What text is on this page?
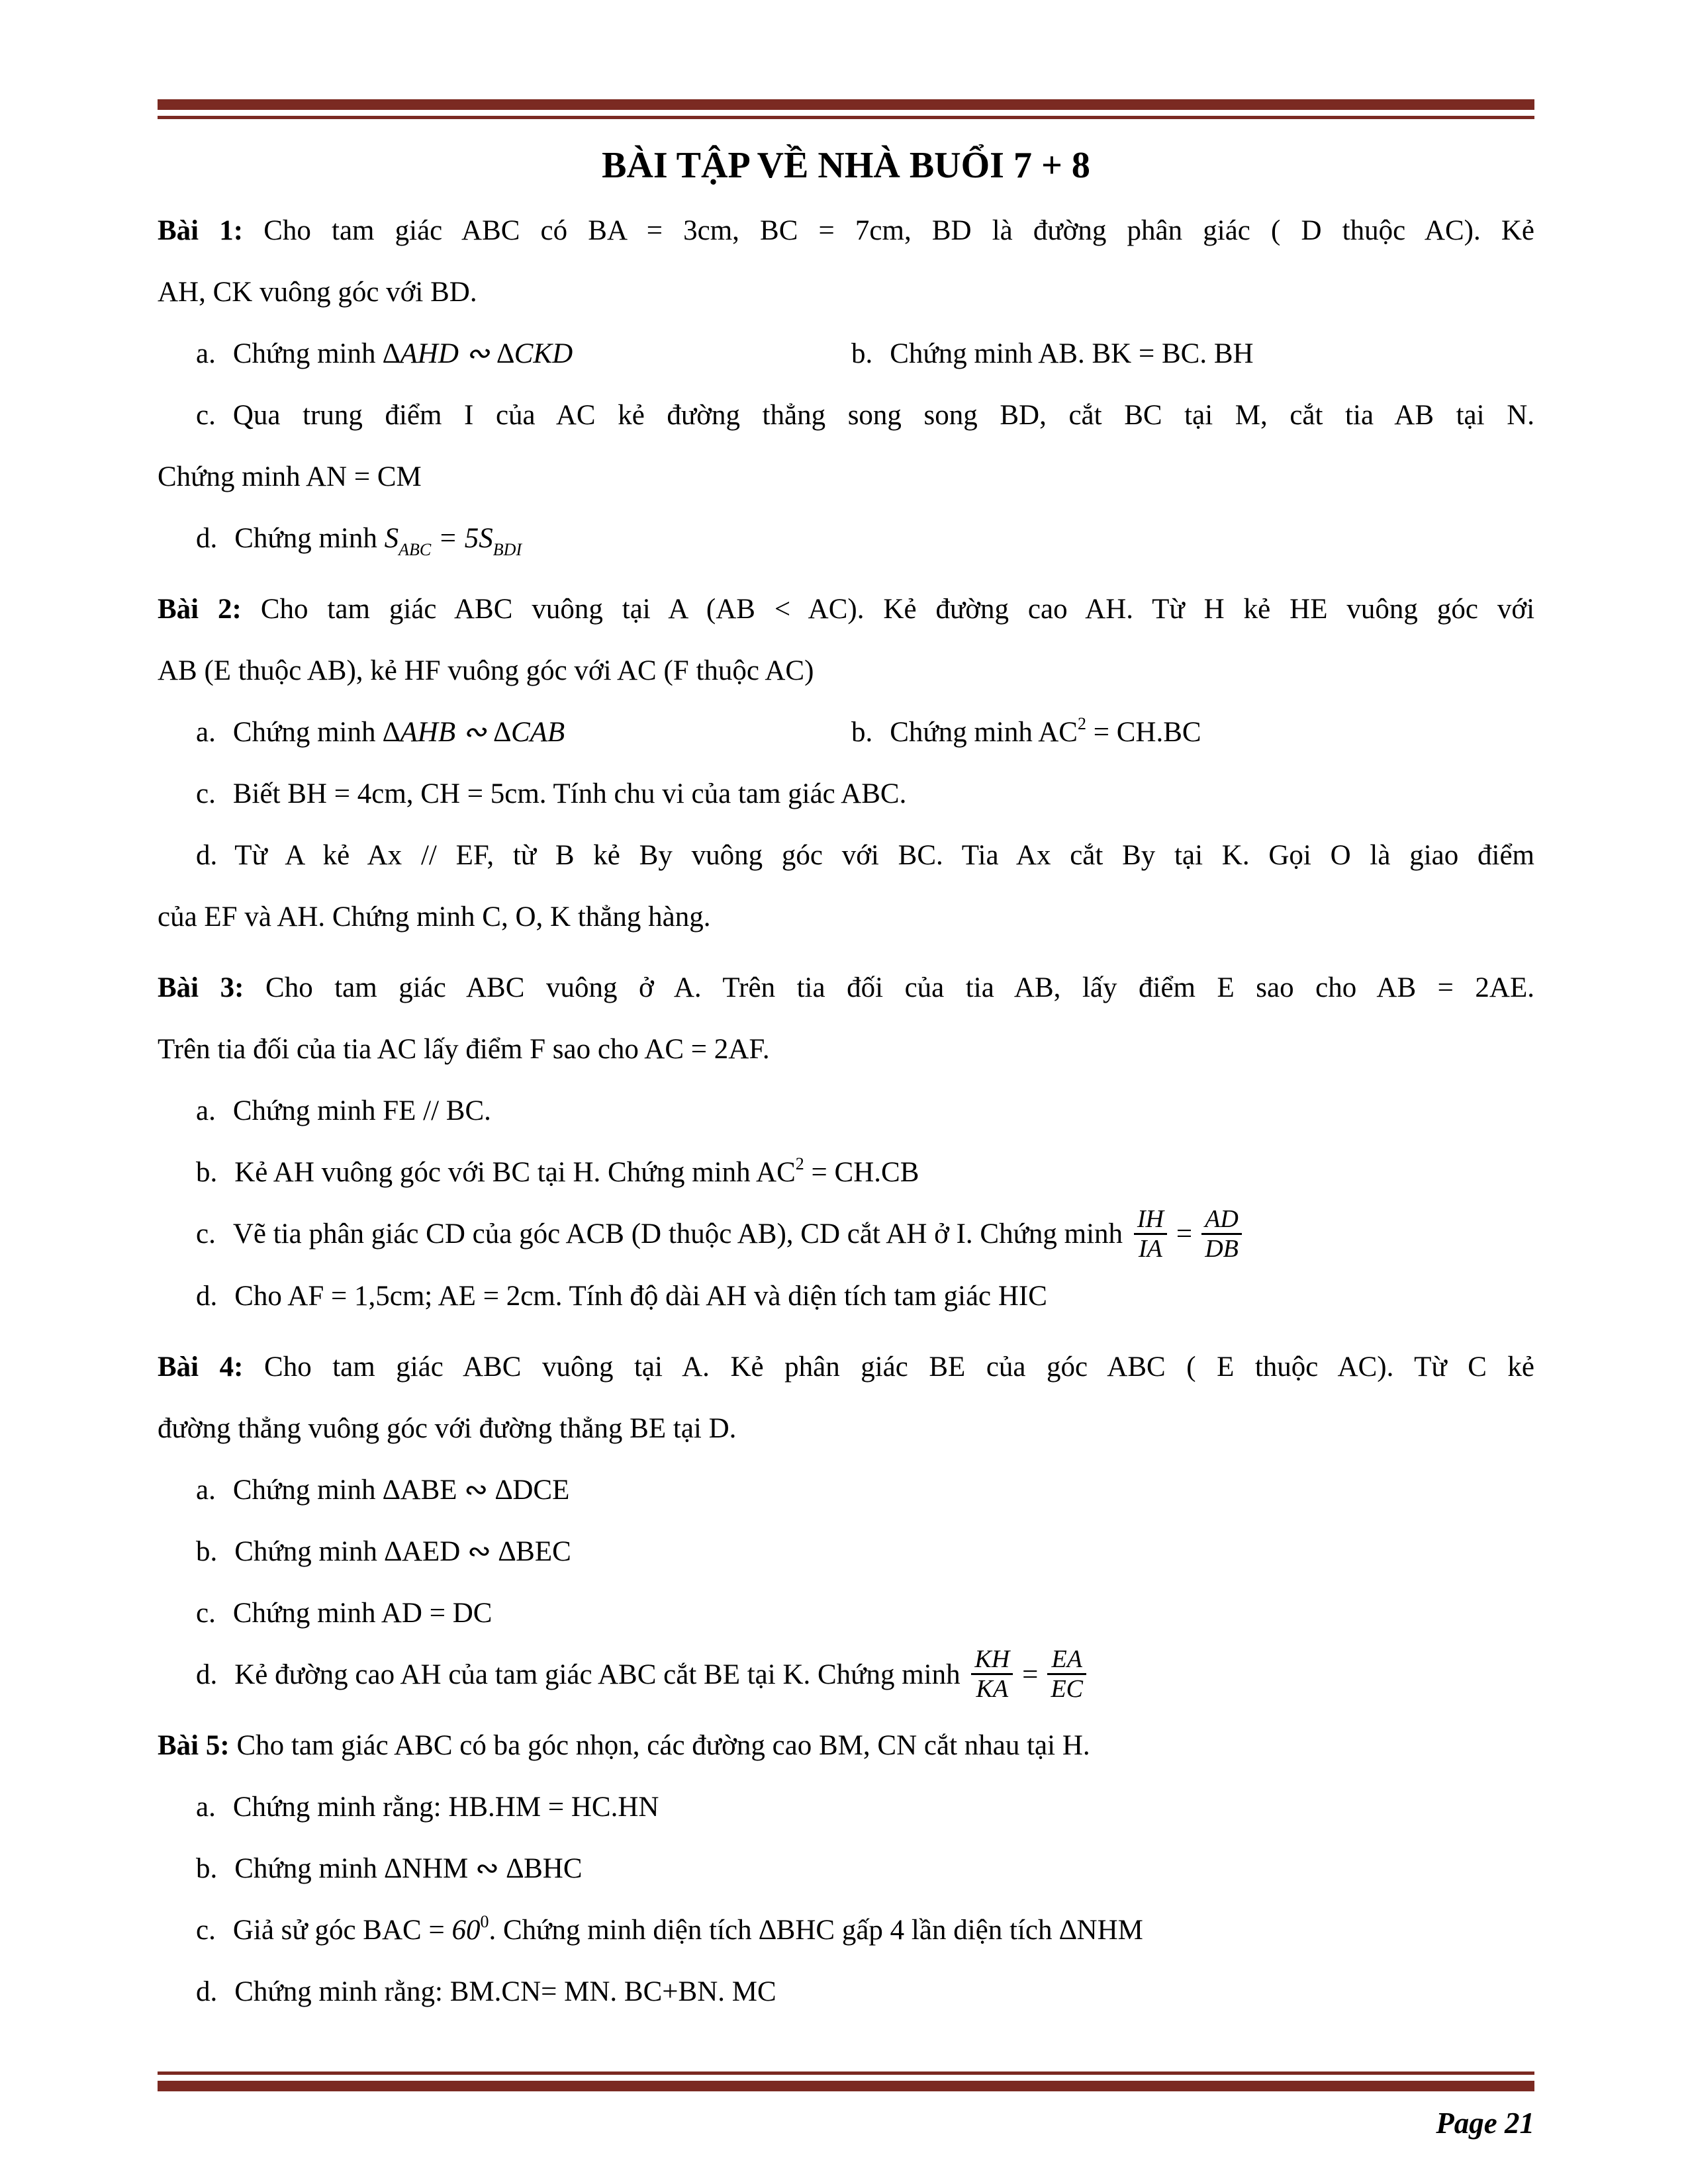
BÀI TẬP VỀ NHÀ BUỔI 7 + 8

Bài 1: Cho tam giác ABC có BA = 3cm, BC = 7cm, BD là đường phân giác ( D thuộc AC). Kẻ

AH, CK vuông góc với BD.

a. Chứng minh ∆AHD ∾ ∆CKD	b. Chứng minh AB. BK = BC. BH

c. Qua trung điểm I của AC kẻ đường thẳng song song BD, cắt BC tại M, cắt tia AB tại N.

Chứng minh AN = CM

d. Chứng minh $S_{ABC} = 5S_{BDI}$

Bài 2: Cho tam giác ABC vuông tại A (AB < AC). Kẻ đường cao AH. Từ H kẻ HE vuông góc với

AB (E thuộc AB), kẻ HF vuông góc với AC (F thuộc AC)

a. Chứng minh ∆AHB ∾ ∆CAB	b. Chứng minh $AC^2 = CH.BC$

c. Biết BH = 4cm, CH = 5cm. Tính chu vi của tam giác ABC.

d. Từ A kẻ Ax // EF, từ B kẻ By vuông góc với BC. Tia Ax cắt By tại K. Gọi O là giao điểm

của EF và AH. Chứng minh C, O, K thẳng hàng.

Bài 3: Cho tam giác ABC vuông ở A. Trên tia đối của tia AB, lấy điểm E sao cho AB = 2AE.

Trên tia đối của tia AC lấy điểm F sao cho AC = 2AF.

a. Chứng minh FE // BC.

b. Kẻ AH vuông góc với BC tại H. Chứng minh $AC^2 = CH.CB$

c. Vẽ tia phân giác CD của góc ACB (D thuộc AB), CD cắt AH ở I. Chứng minh $\frac{IH}{IA} = \frac{AD}{DB}$

d. Cho AF = 1,5cm; AE = 2cm. Tính độ dài AH và diện tích tam giác HIC

Bài 4: Cho tam giác ABC vuông tại A. Kẻ phân giác BE của góc ABC ( E thuộc AC). Từ C kẻ

đường thẳng vuông góc với đường thẳng BE tại D.

a. Chứng minh ∆ABE ∾ ∆DCE

b. Chứng minh ∆AED ∾ ∆BEC

c. Chứng minh AD = DC

d. Kẻ đường cao AH của tam giác ABC cắt BE tại K. Chứng minh $\frac{KH}{KA} = \frac{EA}{EC}$

Bài 5: Cho tam giác ABC có ba góc nhọn, các đường cao BM, CN cắt nhau tại H.

a. Chứng minh rằng: HB.HM = HC.HN

b. Chứng minh ∆NHM ∾ ∆BHC

c. Giả sử góc BAC = $60^0$. Chứng minh diện tích ∆BHC gấp 4 lần diện tích ∆NHM

d. Chứng minh rằng: BM.CN= MN. BC+BN. MC

Page 21
